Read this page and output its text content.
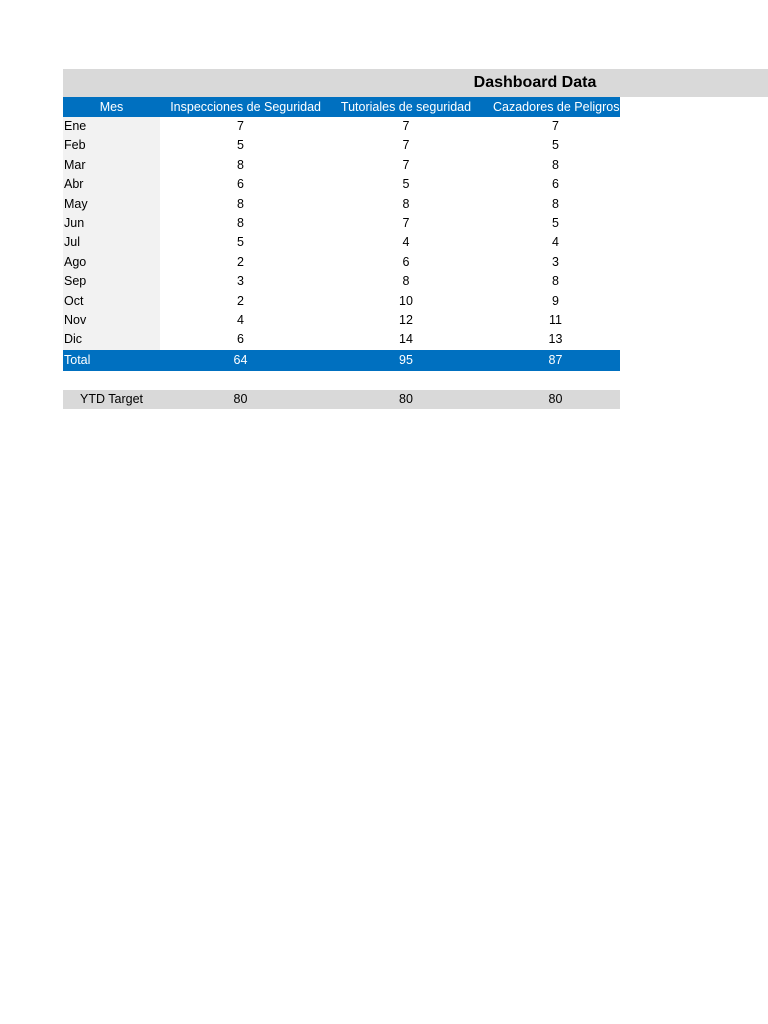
Dashboard Data
Mes	Inspecciones de Seguridad	Tutoriales de seguridad	Cazadores de Peligros
Ene	7	7	7
Feb	5	7	5
Mar	8	7	8
Abr	6	5	6
May	8	8	8
Jun	8	7	5
Jul	5	4	4
Ago	2	6	3
Sep	3	8	8
Oct	2	10	9
Nov	4	12	11
Dic	6	14	13
Total	64	95	87
YTD Target	80	80	80
